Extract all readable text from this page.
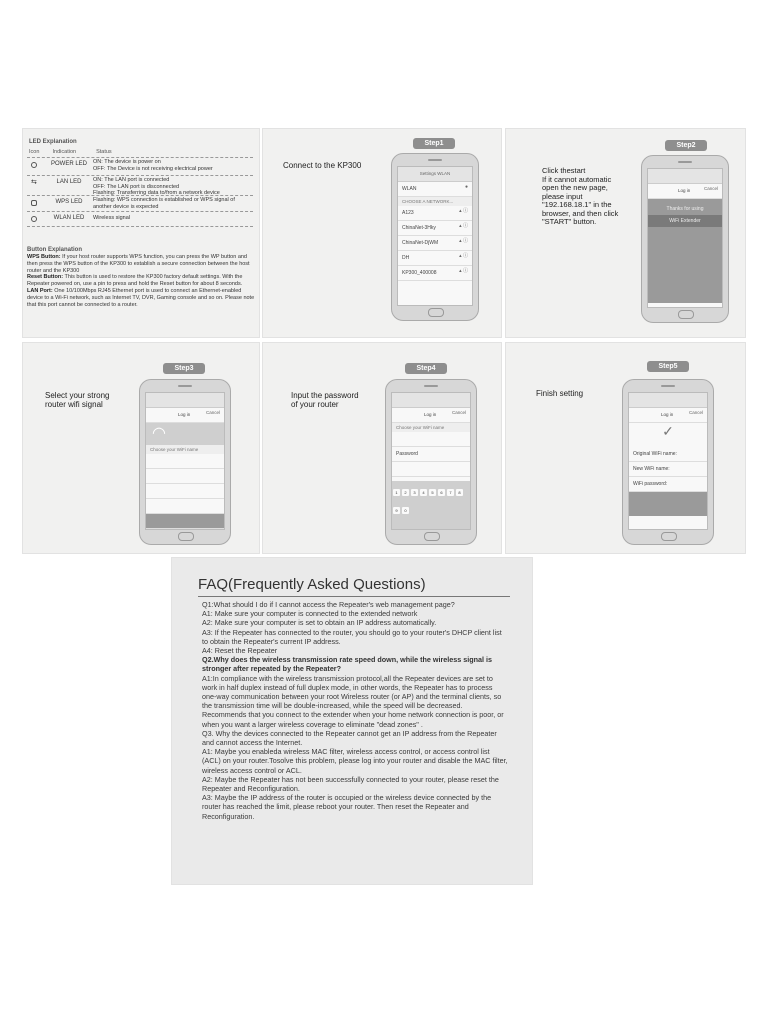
LED Explanation
Icon Indication	Status
POWER LED	ON: The device is power on
OFF: The Device is not receiving electrical power
⇆	LAN LED	ON: The LAN port is connected
OFF: The LAN port is disconnected
Flashing: Transferring data to/from a network device
WPS LED	Flashing: WPS connection is established or WPS signal of another device is expected
WLAN LED	Wireless signal
Button Explanation
WPS Button: If your host router supports WPS function, you can press the WP button and then press the WPS button of the KP300 to establish a secure connection between the host router and the KP300
Reset Button: This button is used to restore the KP300 factory default settings. With the Repeater powered on, use a pin to press and hold the Reset button for about 8 seconds.
LAN Port: One 10/100Mbps RJ45 Ethernet port is used to connect an Ethernet-enabled device to a Wi-Fi network, such as Internet TV, DVR, Gaming console and so on. Please note that this port cannot be connected to a router.
Step1
Connect to the KP300
Settings WLAN
WLAN	●
CHOOSE A NETWORK...
A123	▴ ⓘ
ChinaNet-3Hky	▴ ⓘ
ChinaNet-DjWM	▴ ⓘ
DH	▴ ⓘ
KP300_400008	▴ ⓘ
Step2
Click thestart
If it cannot automatic
open the new page,
please input
"192.168.18.1" in the
browser, and then click
"START" button.
Log in	Cancel
Thanks for using
WiFi Extender
Step3
Select your strong
router wifi signal
Log in	Cancel
◠
Choose your WiFi name
Step4
Input the password
of your router
Log in	Cancel
Choose your WiFi name
Password
1 2 3 4 5 6 7 89 0
Step5
Finish setting
Log in	Cancel
✓
Original WiFi name:
New WiFi name:
WiFi password:
FAQ(Frequently Asked Questions)

Q1:What should I do if I cannot access the Repeater's web management page?

A1: Make sure your computer is connected to the extended network

A2: Make sure your computer is set to obtain an IP address automatically.

A3: If the Repeater has connected to the router, you should go to your router's DHCP client list to obtain the Repeater's current IP address.

A4: Reset the Repeater

Q2.Why does the wireless transmission rate speed down, while the wireless signal is stronger after repeated by the Repeater?

A1:In compliance with the wireless transmission protocol,all the Repeater devices are set to work in half duplex instead of full duplex mode, in other words, the Repeater has to process one-way communication between your root Wireless router (or AP) and the terminal clients, so the transmission time will be double-increased, while the speed will be decreased. Recommends that you connect to the extender when your home network connection is poor, or when you want a larger wireless coverage to eliminate "dead zones" .

Q3. Why the devices connected to the Repeater cannot get an IP address from the Repeater and cannot access the Internet.

A1: Maybe you enableda wireless MAC filter, wireless access control, or access control list (ACL) on your router.Tosolve this problem, please log into your router and disable the MAC filter, wireless access control or ACL.

A2: Maybe the Repeater has not been successfully connected to your router, please reset the Repeater and Reconfiguration.

A3: Maybe the IP address of the router is occupied or the wireless device connected by the router has reached the limit, please reboot your router. Then reset the Repeater and Reconfiguration.
